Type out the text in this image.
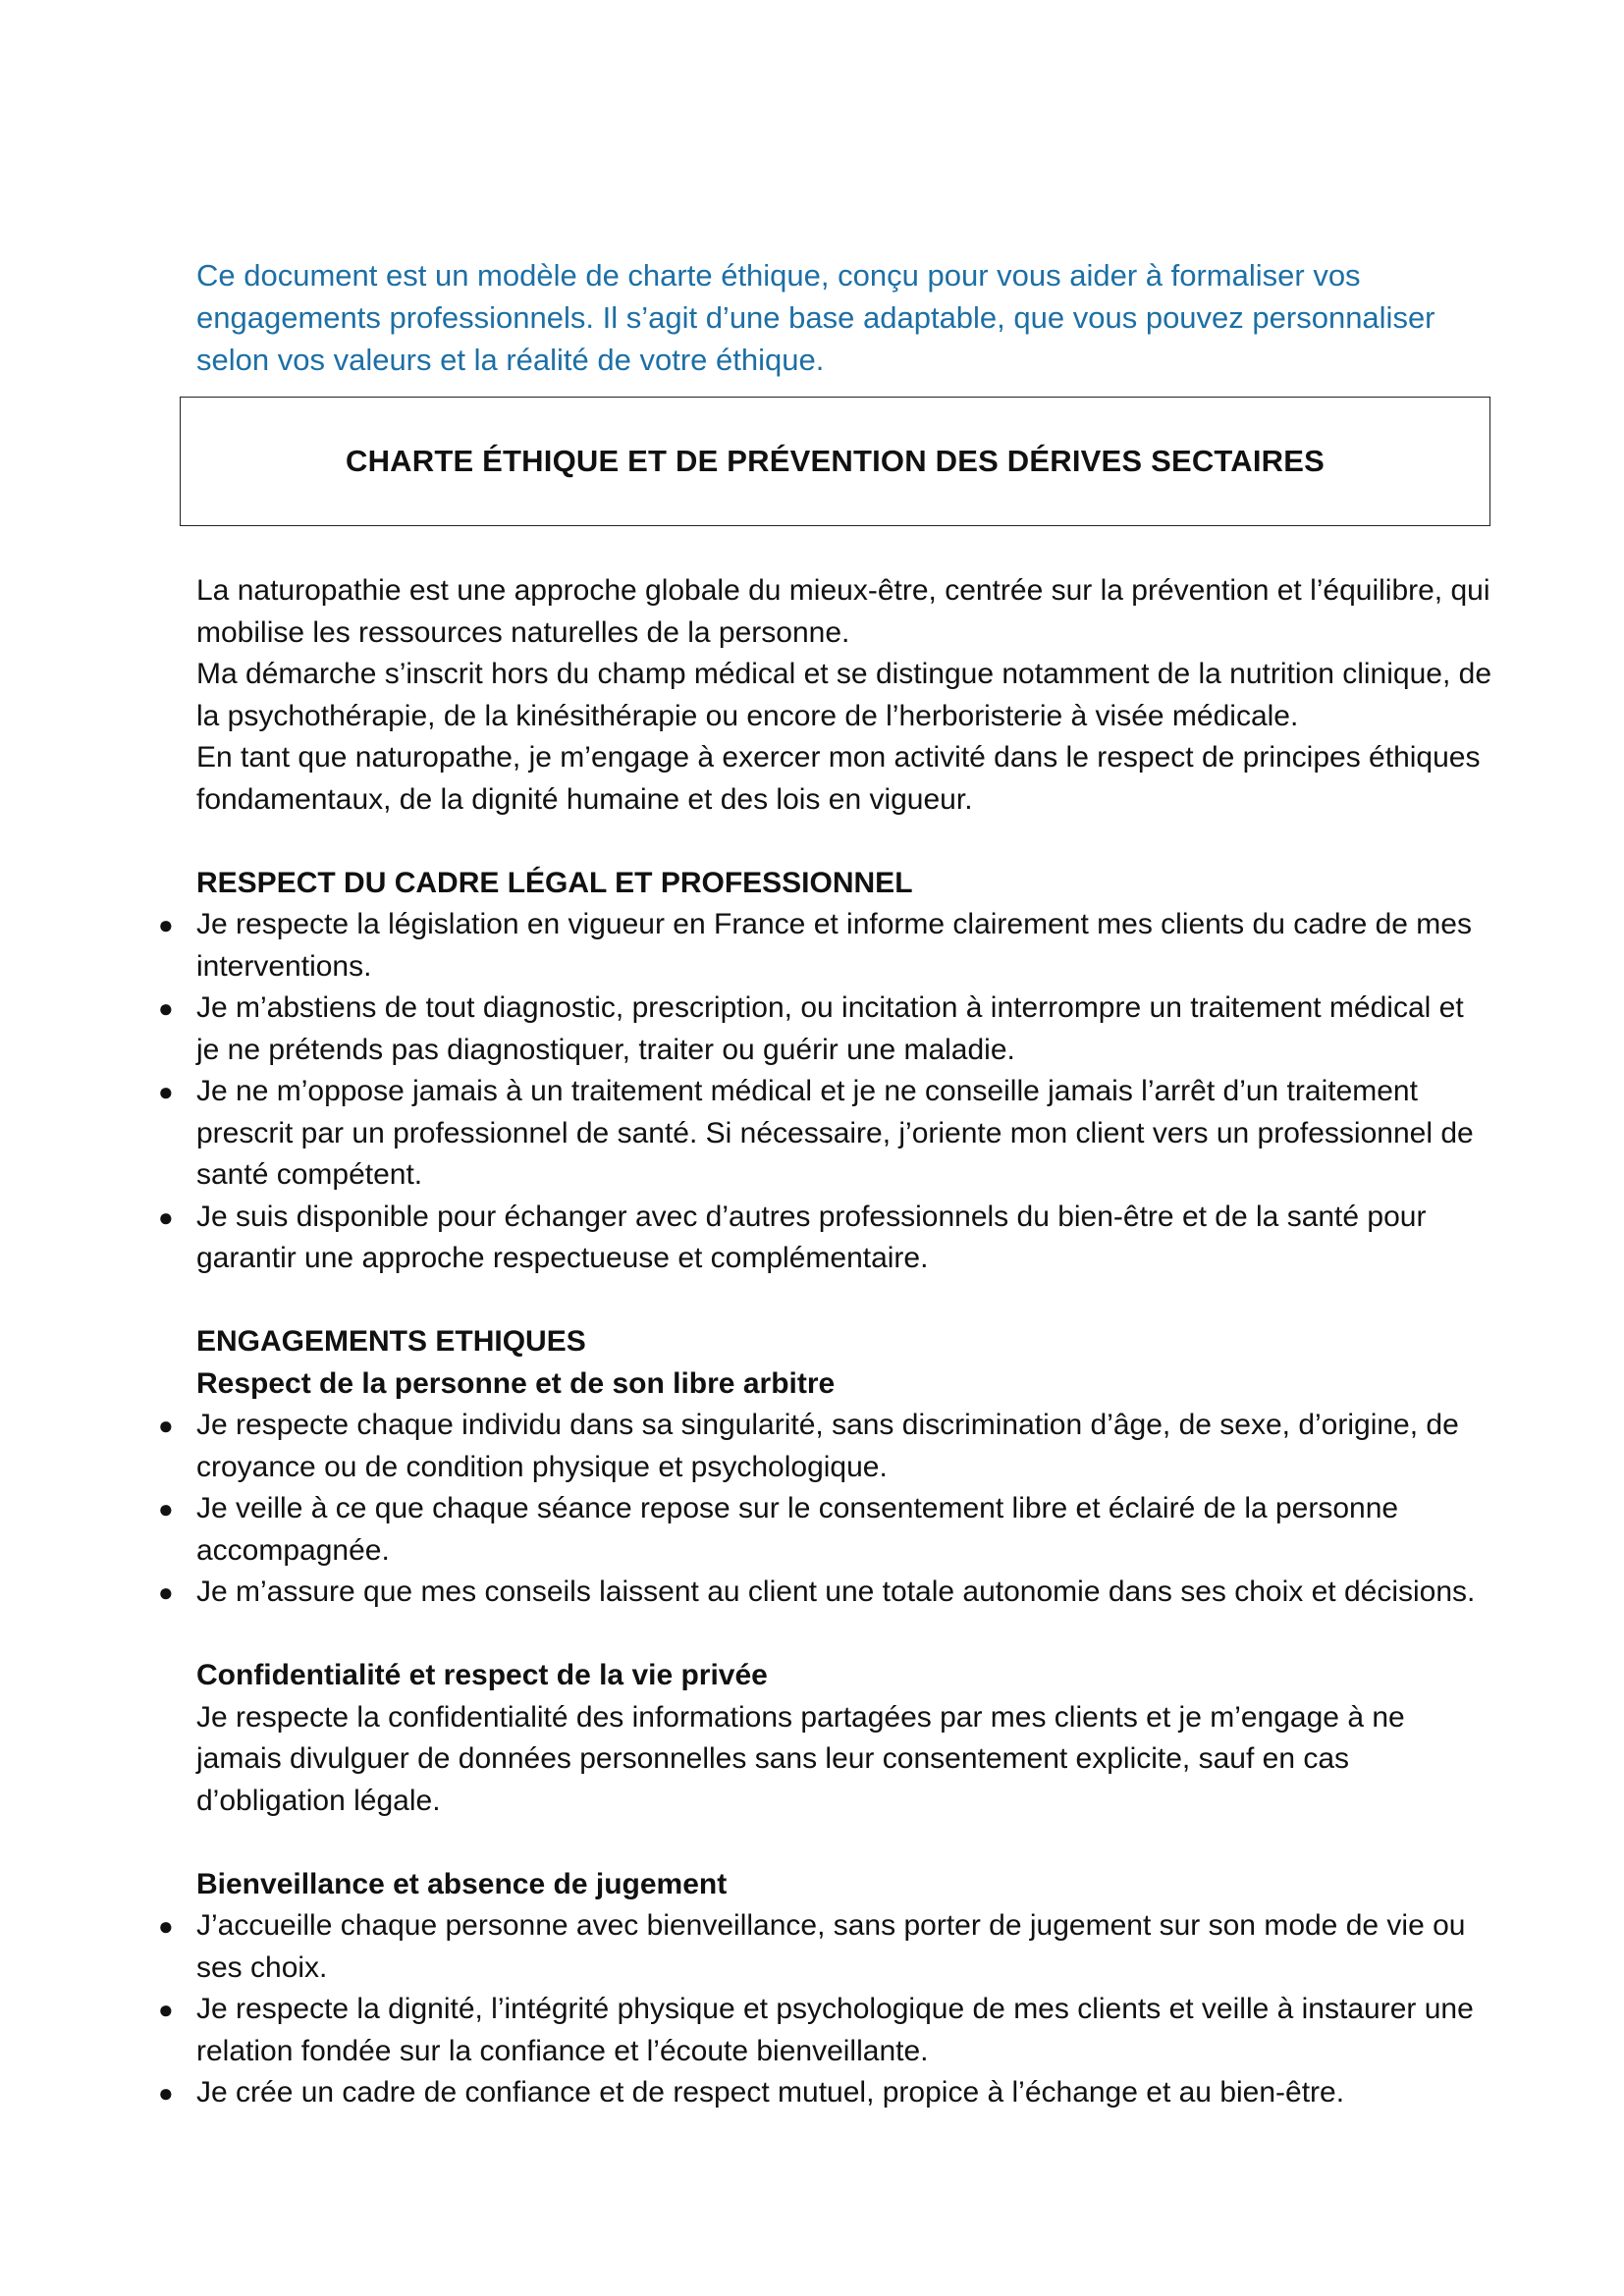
Ce document est un modèle de charte éthique, conçu pour vous aider à formaliser vos engagements professionnels. Il s’agit d’une base adaptable, que vous pouvez personnaliser selon vos valeurs et la réalité de votre éthique.

CHARTE ÉTHIQUE ET DE PRÉVENTION DES DÉRIVES SECTAIRES

La naturopathie est une approche globale du mieux-être, centrée sur la prévention et l’équilibre, qui mobilise les ressources naturelles de la personne.

Ma démarche s’inscrit hors du champ médical et se distingue notamment de la nutrition clinique, de la psychothérapie, de la kinésithérapie ou encore de l’herboristerie à visée médicale.

En tant que naturopathe, je m’engage à exercer mon activité dans le respect de principes éthiques fondamentaux, de la dignité humaine et des lois en vigueur.

RESPECT DU CADRE LÉGAL ET PROFESSIONNEL
● Je respecte la législation en vigueur en France et informe clairement mes clients du cadre de mes interventions.
● Je m’abstiens de tout diagnostic, prescription, ou incitation à interrompre un traitement médical et je ne prétends pas diagnostiquer, traiter ou guérir une maladie.
● Je ne m’oppose jamais à un traitement médical et je ne conseille jamais l’arrêt d’un traitement prescrit par un professionnel de santé. Si nécessaire, j’oriente mon client vers un professionnel de santé compétent.
● Je suis disponible pour échanger avec d’autres professionnels du bien-être et de la santé pour garantir une approche respectueuse et complémentaire.
ENGAGEMENTS ETHIQUES
Respect de la personne et de son libre arbitre
● Je respecte chaque individu dans sa singularité, sans discrimination d’âge, de sexe, d’origine, de croyance ou de condition physique et psychologique.
● Je veille à ce que chaque séance repose sur le consentement libre et éclairé de la personne accompagnée.
● Je m’assure que mes conseils laissent au client une totale autonomie dans ses choix et décisions.
Confidentialité et respect de la vie privée

Je respecte la confidentialité des informations partagées par mes clients et je m’engage à ne jamais divulguer de données personnelles sans leur consentement explicite, sauf en cas d’obligation légale.

Bienveillance et absence de jugement
● J’accueille chaque personne avec bienveillance, sans porter de jugement sur son mode de vie ou ses choix.
● Je respecte la dignité, l’intégrité physique et psychologique de mes clients et veille à instaurer une relation fondée sur la confiance et l’écoute bienveillante.
● Je crée un cadre de confiance et de respect mutuel, propice à l’échange et au bien-être.
